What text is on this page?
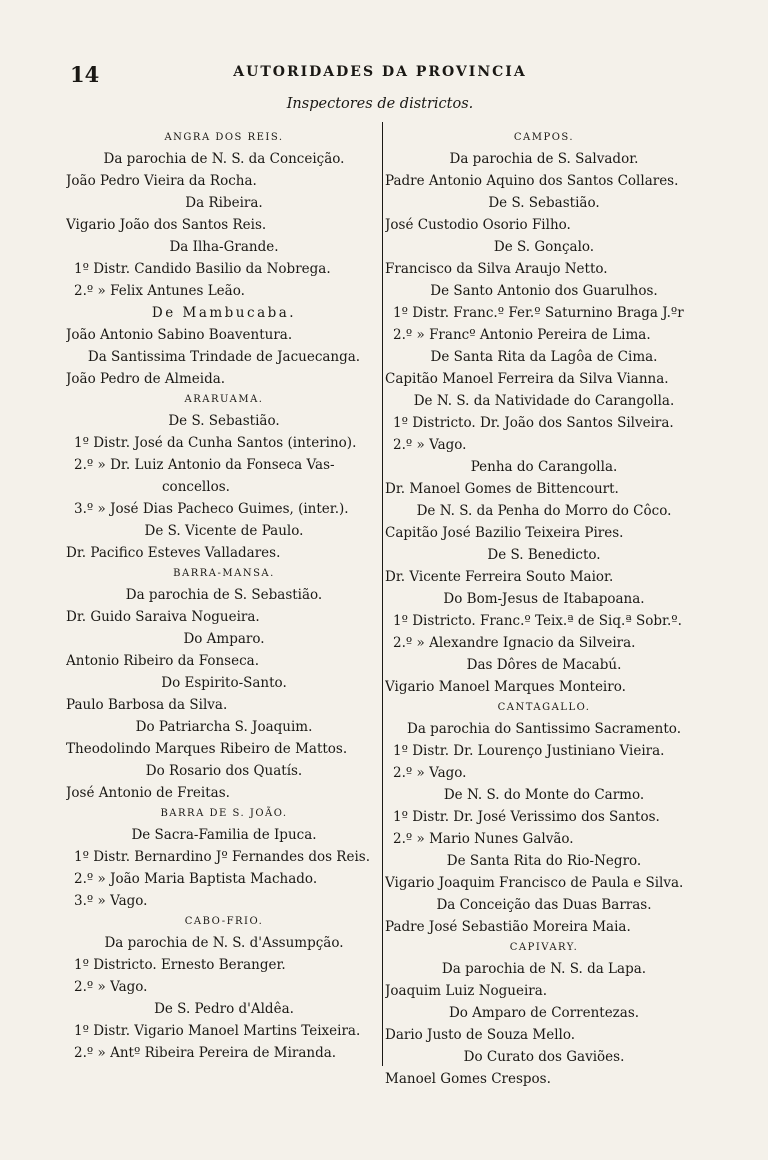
14	AUTORIDADES DA PROVINCIA
Inspectores de districtos.
ANGRA DOS REIS.
Da parochia de N. S. da Conceição.
João Pedro Vieira da Rocha.
Da Ribeira.
Vigario João dos Santos Reis.
Da Ilha-Grande.
1º Distr. Candido Basilio da Nobrega.
2.º » Felix Antunes Leão.
De Mambucaba.
João Antonio Sabino Boaventura.
Da Santissima Trindade de Jacuecanga.
João Pedro de Almeida.
ARARUAMA.
De S. Sebastião.
1º Distr. José da Cunha Santos (interino).
2.º » Dr. Luiz Antonio da Fonseca Vas-
concellos.
3.º » José Dias Pacheco Guimes, (inter.).
De S. Vicente de Paulo.
Dr. Pacifico Esteves Valladares.
BARRA-MANSA.
Da parochia de S. Sebastião.
Dr. Guido Saraiva Nogueira.
Do Amparo.
Antonio Ribeiro da Fonseca.
Do Espirito-Santo.
Paulo Barbosa da Silva.
Do Patriarcha S. Joaquim.
Theodolindo Marques Ribeiro de Mattos.
Do Rosario dos Quatís.
José Antonio de Freitas.
BARRA DE S. JOÃO.
De Sacra-Familia de Ipuca.
1º Distr. Bernardino Jº Fernandes dos Reis.
2.º » João Maria Baptista Machado.
3.º » Vago.
CABO-FRIO.
Da parochia de N. S. d'Assumpção.
1º Districto. Ernesto Beranger.
2.º » Vago.
De S. Pedro d'Aldêa.
1º Distr. Vigario Manoel Martins Teixeira.
2.º » Antº Ribeira Pereira de Miranda.
CAMPOS.
Da parochia de S. Salvador.
Padre Antonio Aquino dos Santos Collares.
De S. Sebastião.
José Custodio Osorio Filho.
De S. Gonçalo.
Francisco da Silva Araujo Netto.
De Santo Antonio dos Guarulhos.
1º Distr. Franc.º Fer.º Saturnino Braga J.ºr
2.º » Francº Antonio Pereira de Lima.
De Santa Rita da Lagôa de Cima.
Capitão Manoel Ferreira da Silva Vianna.
De N. S. da Natividade do Carangolla.
1º Districto. Dr. João dos Santos Silveira.
2.º » Vago.
Penha do Carangolla.
Dr. Manoel Gomes de Bittencourt.
De N. S. da Penha do Morro do Côco.
Capitão José Bazilio Teixeira Pires.
De S. Benedicto.
Dr. Vicente Ferreira Souto Maior.
Do Bom-Jesus de Itabapoana.
1º Districto. Franc.º Teix.ª de Siq.ª Sobr.º.
2.º » Alexandre Ignacio da Silveira.
Das Dôres de Macabú.
Vigario Manoel Marques Monteiro.
CANTAGALLO.
Da parochia do Santissimo Sacramento.
1º Distr. Dr. Lourenço Justiniano Vieira.
2.º » Vago.
De N. S. do Monte do Carmo.
1º Distr. Dr. José Verissimo dos Santos.
2.º » Mario Nunes Galvão.
De Santa Rita do Rio-Negro.
Vigario Joaquim Francisco de Paula e Silva.
Da Conceição das Duas Barras.
Padre José Sebastião Moreira Maia.
CAPIVARY.
Da parochia de N. S. da Lapa.
Joaquim Luiz Nogueira.
Do Amparo de Correntezas.
Dario Justo de Souza Mello.
Do Curato dos Gaviões.
Manoel Gomes Crespos.
